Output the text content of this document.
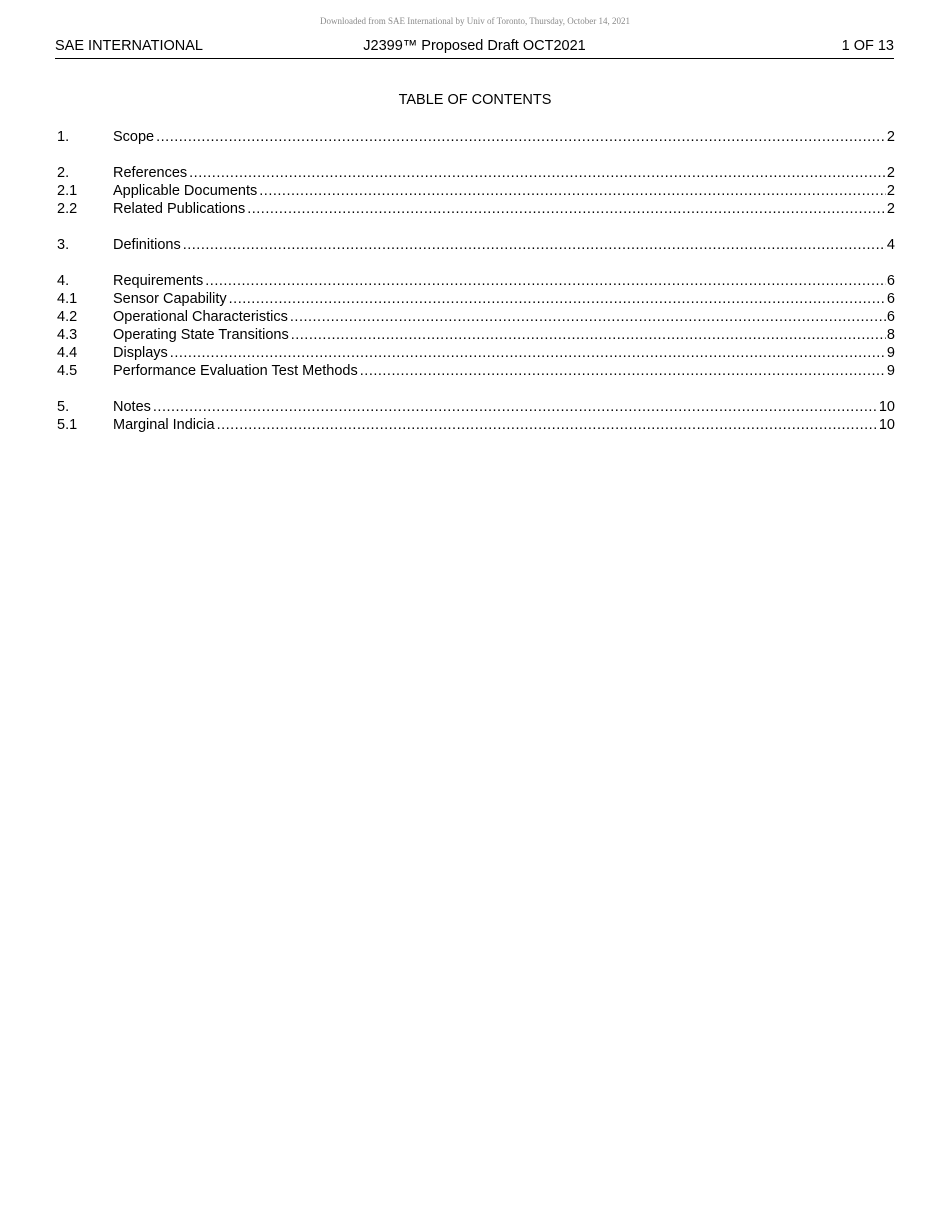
Downloaded from SAE International by Univ of Toronto, Thursday, October 14, 2021
SAE INTERNATIONAL	J2399™ Proposed Draft OCT2021	1 OF 13
TABLE OF CONTENTS
1.	Scope .....	2
2.	References .....	2
2.1	Applicable Documents .....	2
2.2	Related Publications .....	2
3.	Definitions .....	4
4.	Requirements .....	6
4.1	Sensor Capability .....	6
4.2	Operational Characteristics .....	6
4.3	Operating State Transitions .....	8
4.4	Displays .....	9
4.5	Performance Evaluation Test Methods .....	9
5.	Notes .....	10
5.1	Marginal Indicia .....	10
